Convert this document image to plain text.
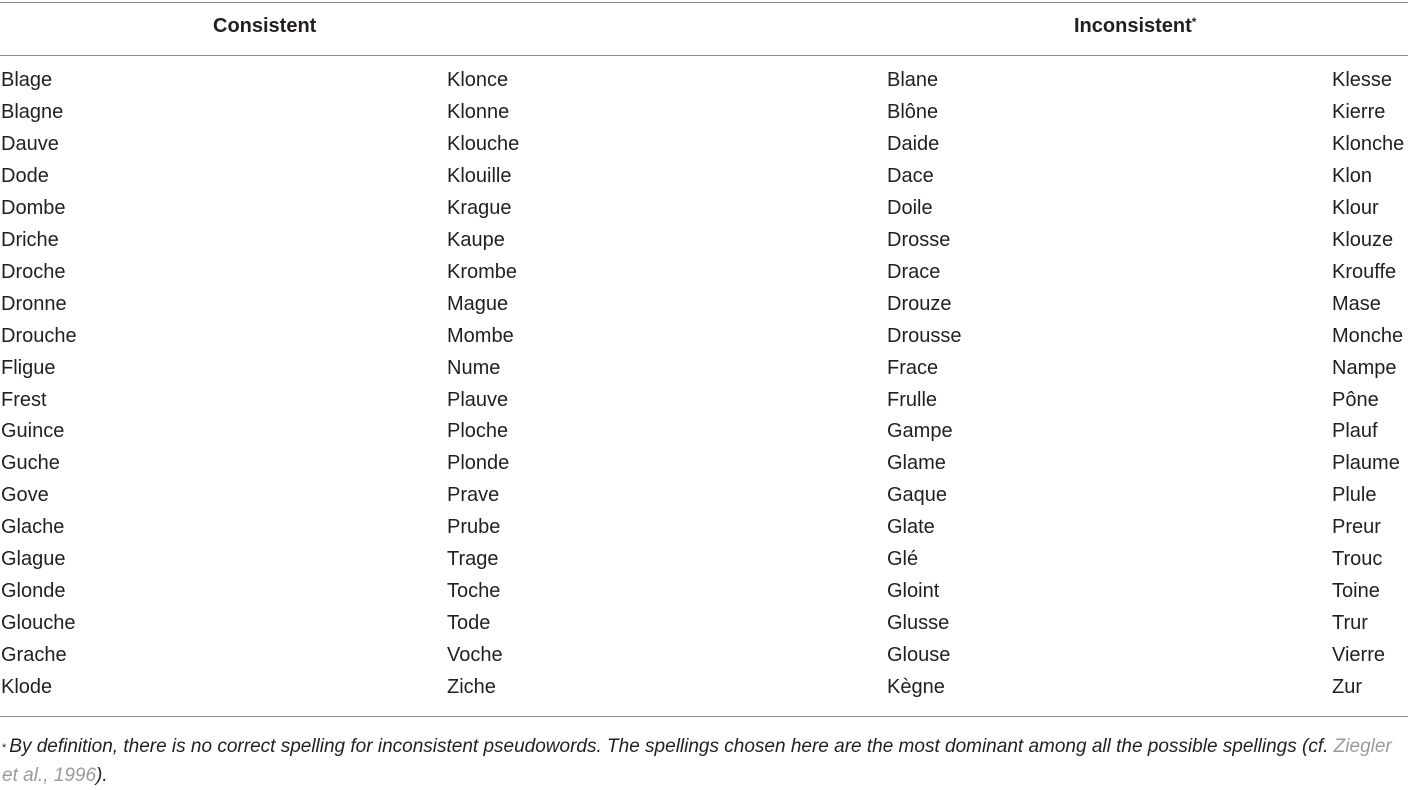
Consistent	Inconsistent*
Blage	Klonce	Blane	Klesse
Blagne	Klonne	Blône	Kierre
Dauve	Klouche	Daide	Klonche
Dode	Klouille	Dace	Klon
Dombe	Krague	Doile	Klour
Driche	Kaupe	Drosse	Klouze
Droche	Krombe	Drace	Krouffe
Dronne	Mague	Drouze	Mase
Drouche	Mombe	Drousse	Monche
Fligue	Nume	Frace	Nampe
Frest	Plauve	Frulle	Pône
Guince	Ploche	Gampe	Plauf
Guche	Plonde	Glame	Plaume
Gove	Prave	Gaque	Plule
Glache	Prube	Glate	Preur
Glague	Trage	Glé	Trouc
Glonde	Toche	Gloint	Toine
Glouche	Tode	Glusse	Trur
Grache	Voche	Glouse	Vierre
Klode	Ziche	Kègne	Zur
* By definition, there is no correct spelling for inconsistent pseudowords. The spellings chosen here are the most dominant among all the possible spellings (cf. Ziegler et al., 1996).
